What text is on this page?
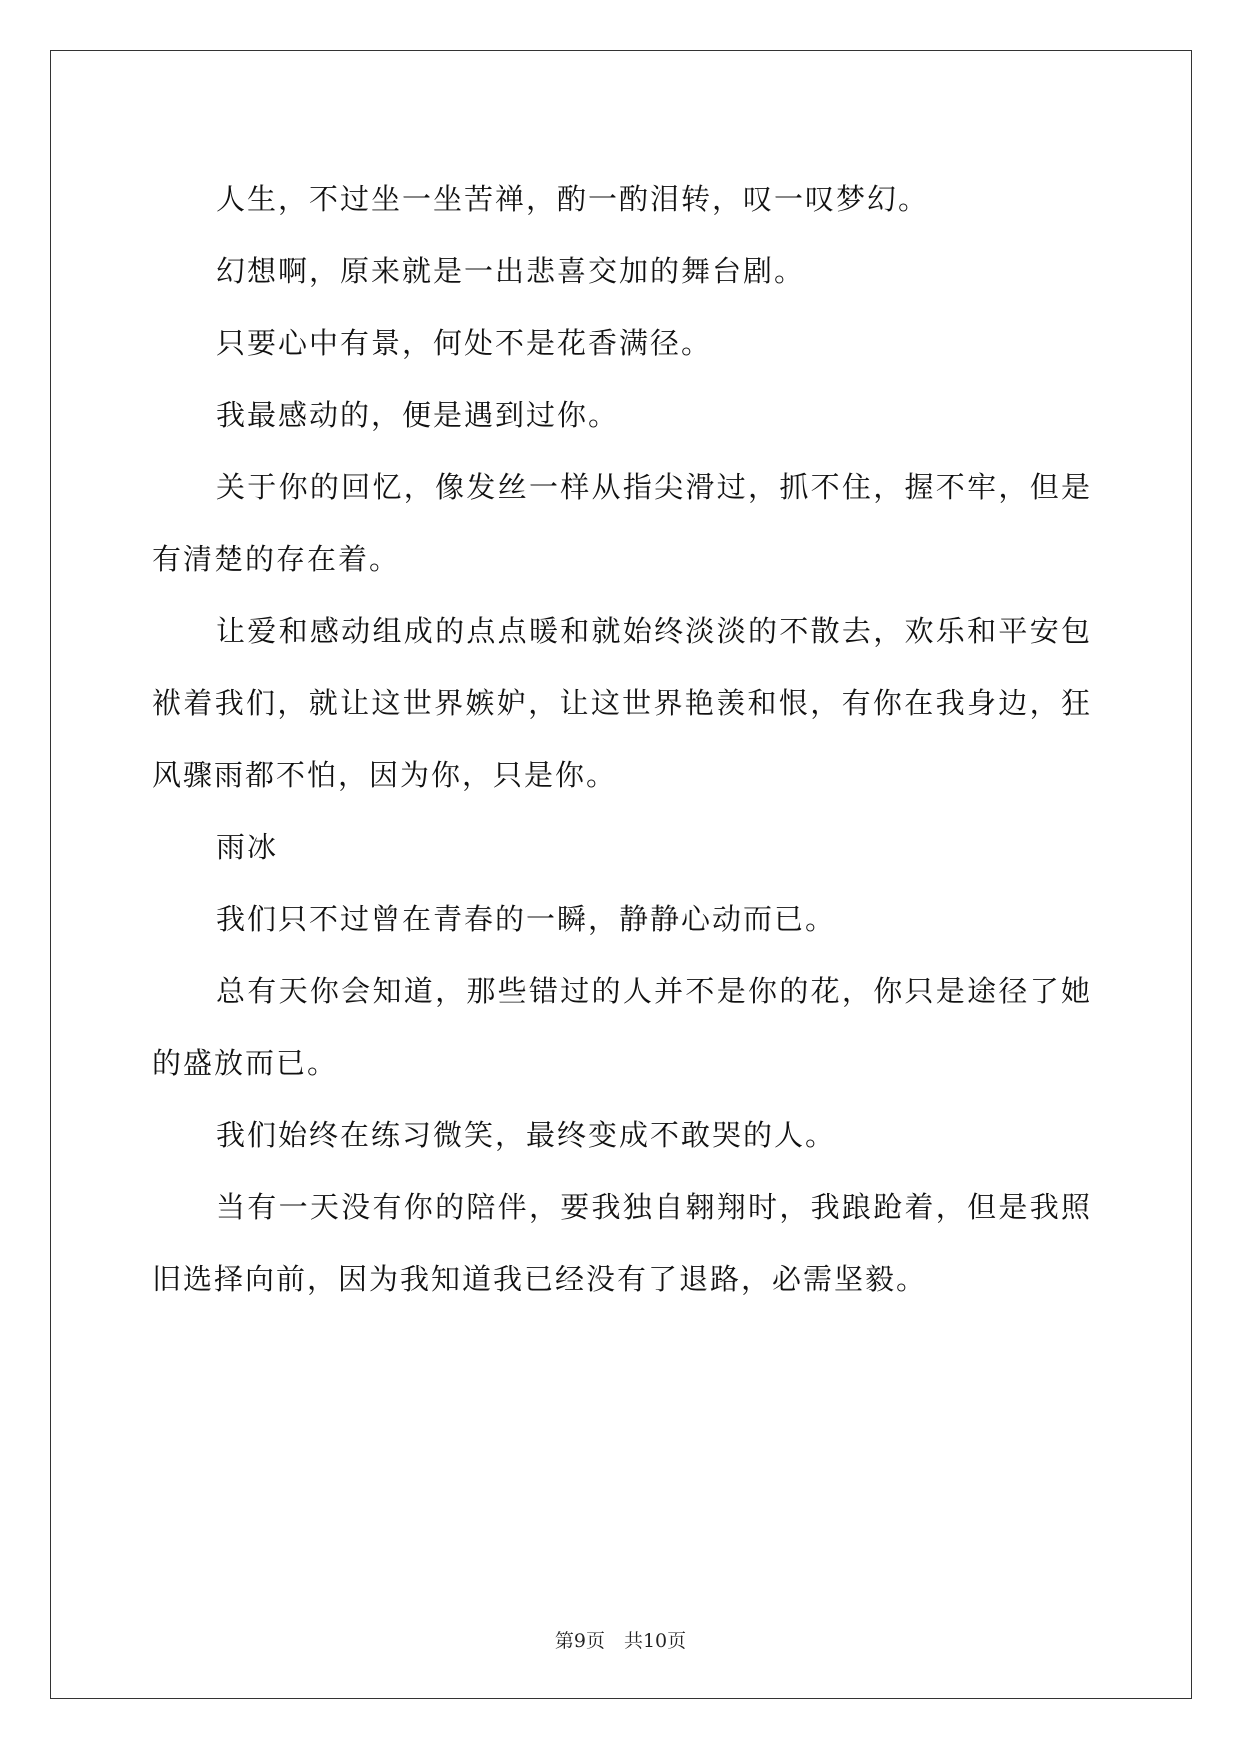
人生，不过坐一坐苦禅，酌一酌泪转，叹一叹梦幻。

幻想啊，原来就是一出悲喜交加的舞台剧。

只要心中有景，何处不是花香满径。

我最感动的，便是遇到过你。

关于你的回忆，像发丝一样从指尖滑过，抓不住，握不牢，但是有清楚的存在着。

让爱和感动组成的点点暖和就始终淡淡的不散去，欢乐和平安包袱着我们，就让这世界嫉妒，让这世界艳羡和恨，有你在我身边，狂风骤雨都不怕，因为你，只是你。

雨冰

我们只不过曾在青春的一瞬，静静心动而已。

总有天你会知道，那些错过的人并不是你的花，你只是途径了她的盛放而已。

我们始终在练习微笑，最终变成不敢哭的人。

当有一天没有你的陪伴，要我独自翱翔时，我踉跄着，但是我照旧选择向前，因为我知道我已经没有了退路，必需坚毅。

第9页　共10页
